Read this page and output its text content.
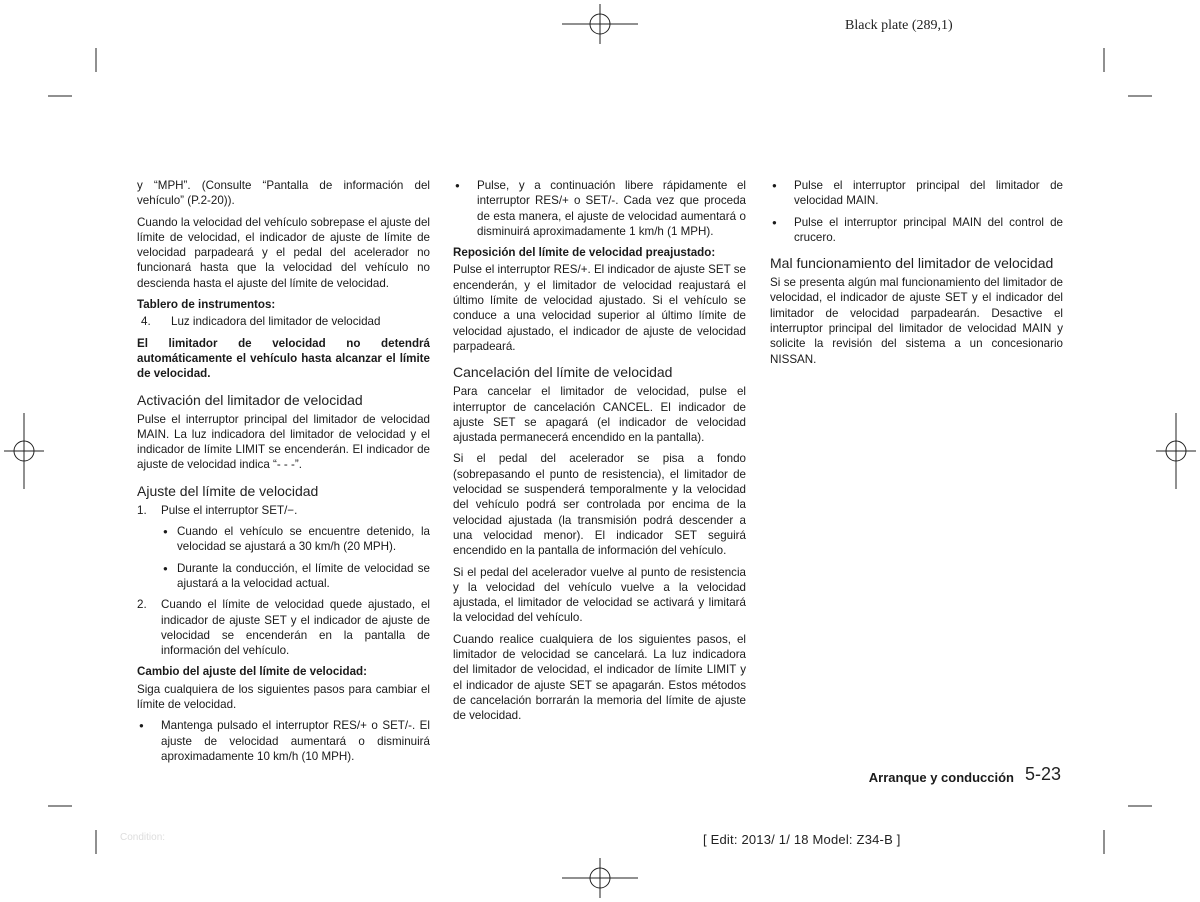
Black plate (289,1)

y “MPH”. (Consulte “Pantalla de información del vehículo” (P.2-20)).

Cuando la velocidad del vehículo sobrepase el ajuste del límite de velocidad, el indicador de ajuste de límite de velocidad parpadeará y el pedal del acelerador no funcionará hasta que la velocidad del vehículo no descienda hasta el ajuste del límite de velocidad.

Tablero de instrumentos:

4. Luz indicadora del limitador de velocidad

El limitador de velocidad no detendrá automáticamente el vehículo hasta alcanzar el límite de velocidad.

Activación del limitador de velocidad

Pulse el interruptor principal del limitador de velocidad MAIN. La luz indicadora del limitador de velocidad y el indicador de límite LIMIT se encenderán. El indicador de ajuste de velocidad indica “- - -”.

Ajuste del límite de velocidad
1. Pulse el interruptor SET/−.
● Cuando el vehículo se encuentre detenido, la velocidad se ajustará a 30 km/h (20 MPH).
● Durante la conducción, el límite de velocidad se ajustará a la velocidad actual.
2. Cuando el límite de velocidad quede ajustado, el indicador de ajuste SET y el indicador de ajuste de velocidad se encenderán en la pantalla de información del vehículo.

Cambio del ajuste del límite de velocidad:

Siga cualquiera de los siguientes pasos para cambiar el límite de velocidad.

● Mantenga pulsado el interruptor RES/+ o SET/-. El ajuste de velocidad aumentará o disminuirá aproximadamente 10 km/h (10 MPH).
● Pulse, y a continuación libere rápidamente el interruptor RES/+ o SET/-. Cada vez que proceda de esta manera, el ajuste de velocidad aumentará o disminuirá aproximadamente 1 km/h (1 MPH).

Reposición del límite de velocidad preajustado:

Pulse el interruptor RES/+. El indicador de ajuste SET se encenderán, y el limitador de velocidad reajustará el último límite de velocidad ajustado. Si el vehículo se conduce a una velocidad superior al último límite de velocidad ajustado, el indicador de ajuste de velocidad parpadeará.

Cancelación del límite de velocidad

Para cancelar el limitador de velocidad, pulse el interruptor de cancelación CANCEL. El indicador de ajuste SET se apagará (el indicador de velocidad ajustada permanecerá encendido en la pantalla).

Si el pedal del acelerador se pisa a fondo (sobrepasando el punto de resistencia), el limitador de velocidad se suspenderá temporalmente y la velocidad del vehículo podrá ser controlada por encima de la velocidad ajustada (la transmisión podrá descender a una velocidad menor). El indicador SET seguirá encendido en la pantalla de información del vehículo.

Si el pedal del acelerador vuelve al punto de resistencia y la velocidad del vehículo vuelve a la velocidad ajustada, el limitador de velocidad se activará y limitará la velocidad del vehículo.

Cuando realice cualquiera de los siguientes pasos, el limitador de velocidad se cancelará. La luz indicadora del limitador de velocidad, el indicador de límite LIMIT y el indicador de ajuste SET se apagarán. Estos métodos de cancelación borrarán la memoria del límite de ajuste de velocidad.

● Pulse el interruptor principal del limitador de velocidad MAIN.
● Pulse el interruptor principal MAIN del control de crucero.
Mal funcionamiento del limitador de velocidad

Si se presenta algún mal funcionamiento del limitador de velocidad, el indicador de ajuste SET y el indicador del limitador de velocidad parpadearán. Desactive el interruptor principal del limitador de velocidad MAIN y solicite la revisión del sistema a un concesionario NISSAN.

Arranque y conducción 5-23
Condition:	[ Edit: 2013/ 1/ 18 Model: Z34-B ]
